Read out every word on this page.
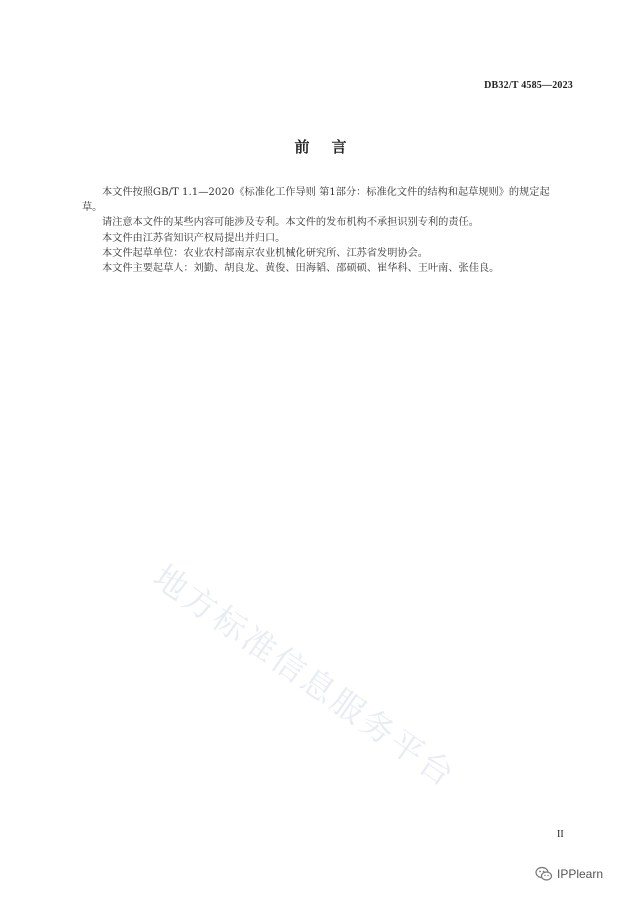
DB32/T 4585—2023
前言

本文件按照GB/T 1.1—2020《标准化工作导则 第1部分：标准化文件的结构和起草规则》的规定起草。

请注意本文件的某些内容可能涉及专利。本文件的发布机构不承担识别专利的责任。

本文件由江苏省知识产权局提出并归口。

本文件起草单位：农业农村部南京农业机械化研究所、江苏省发明协会。

本文件主要起草人：刘勤、胡良龙、黄俊、田海韬、邵硕硕、崔华科、王叶南、张佳良。

地方标准信息服务平台
II
IPPlearn
